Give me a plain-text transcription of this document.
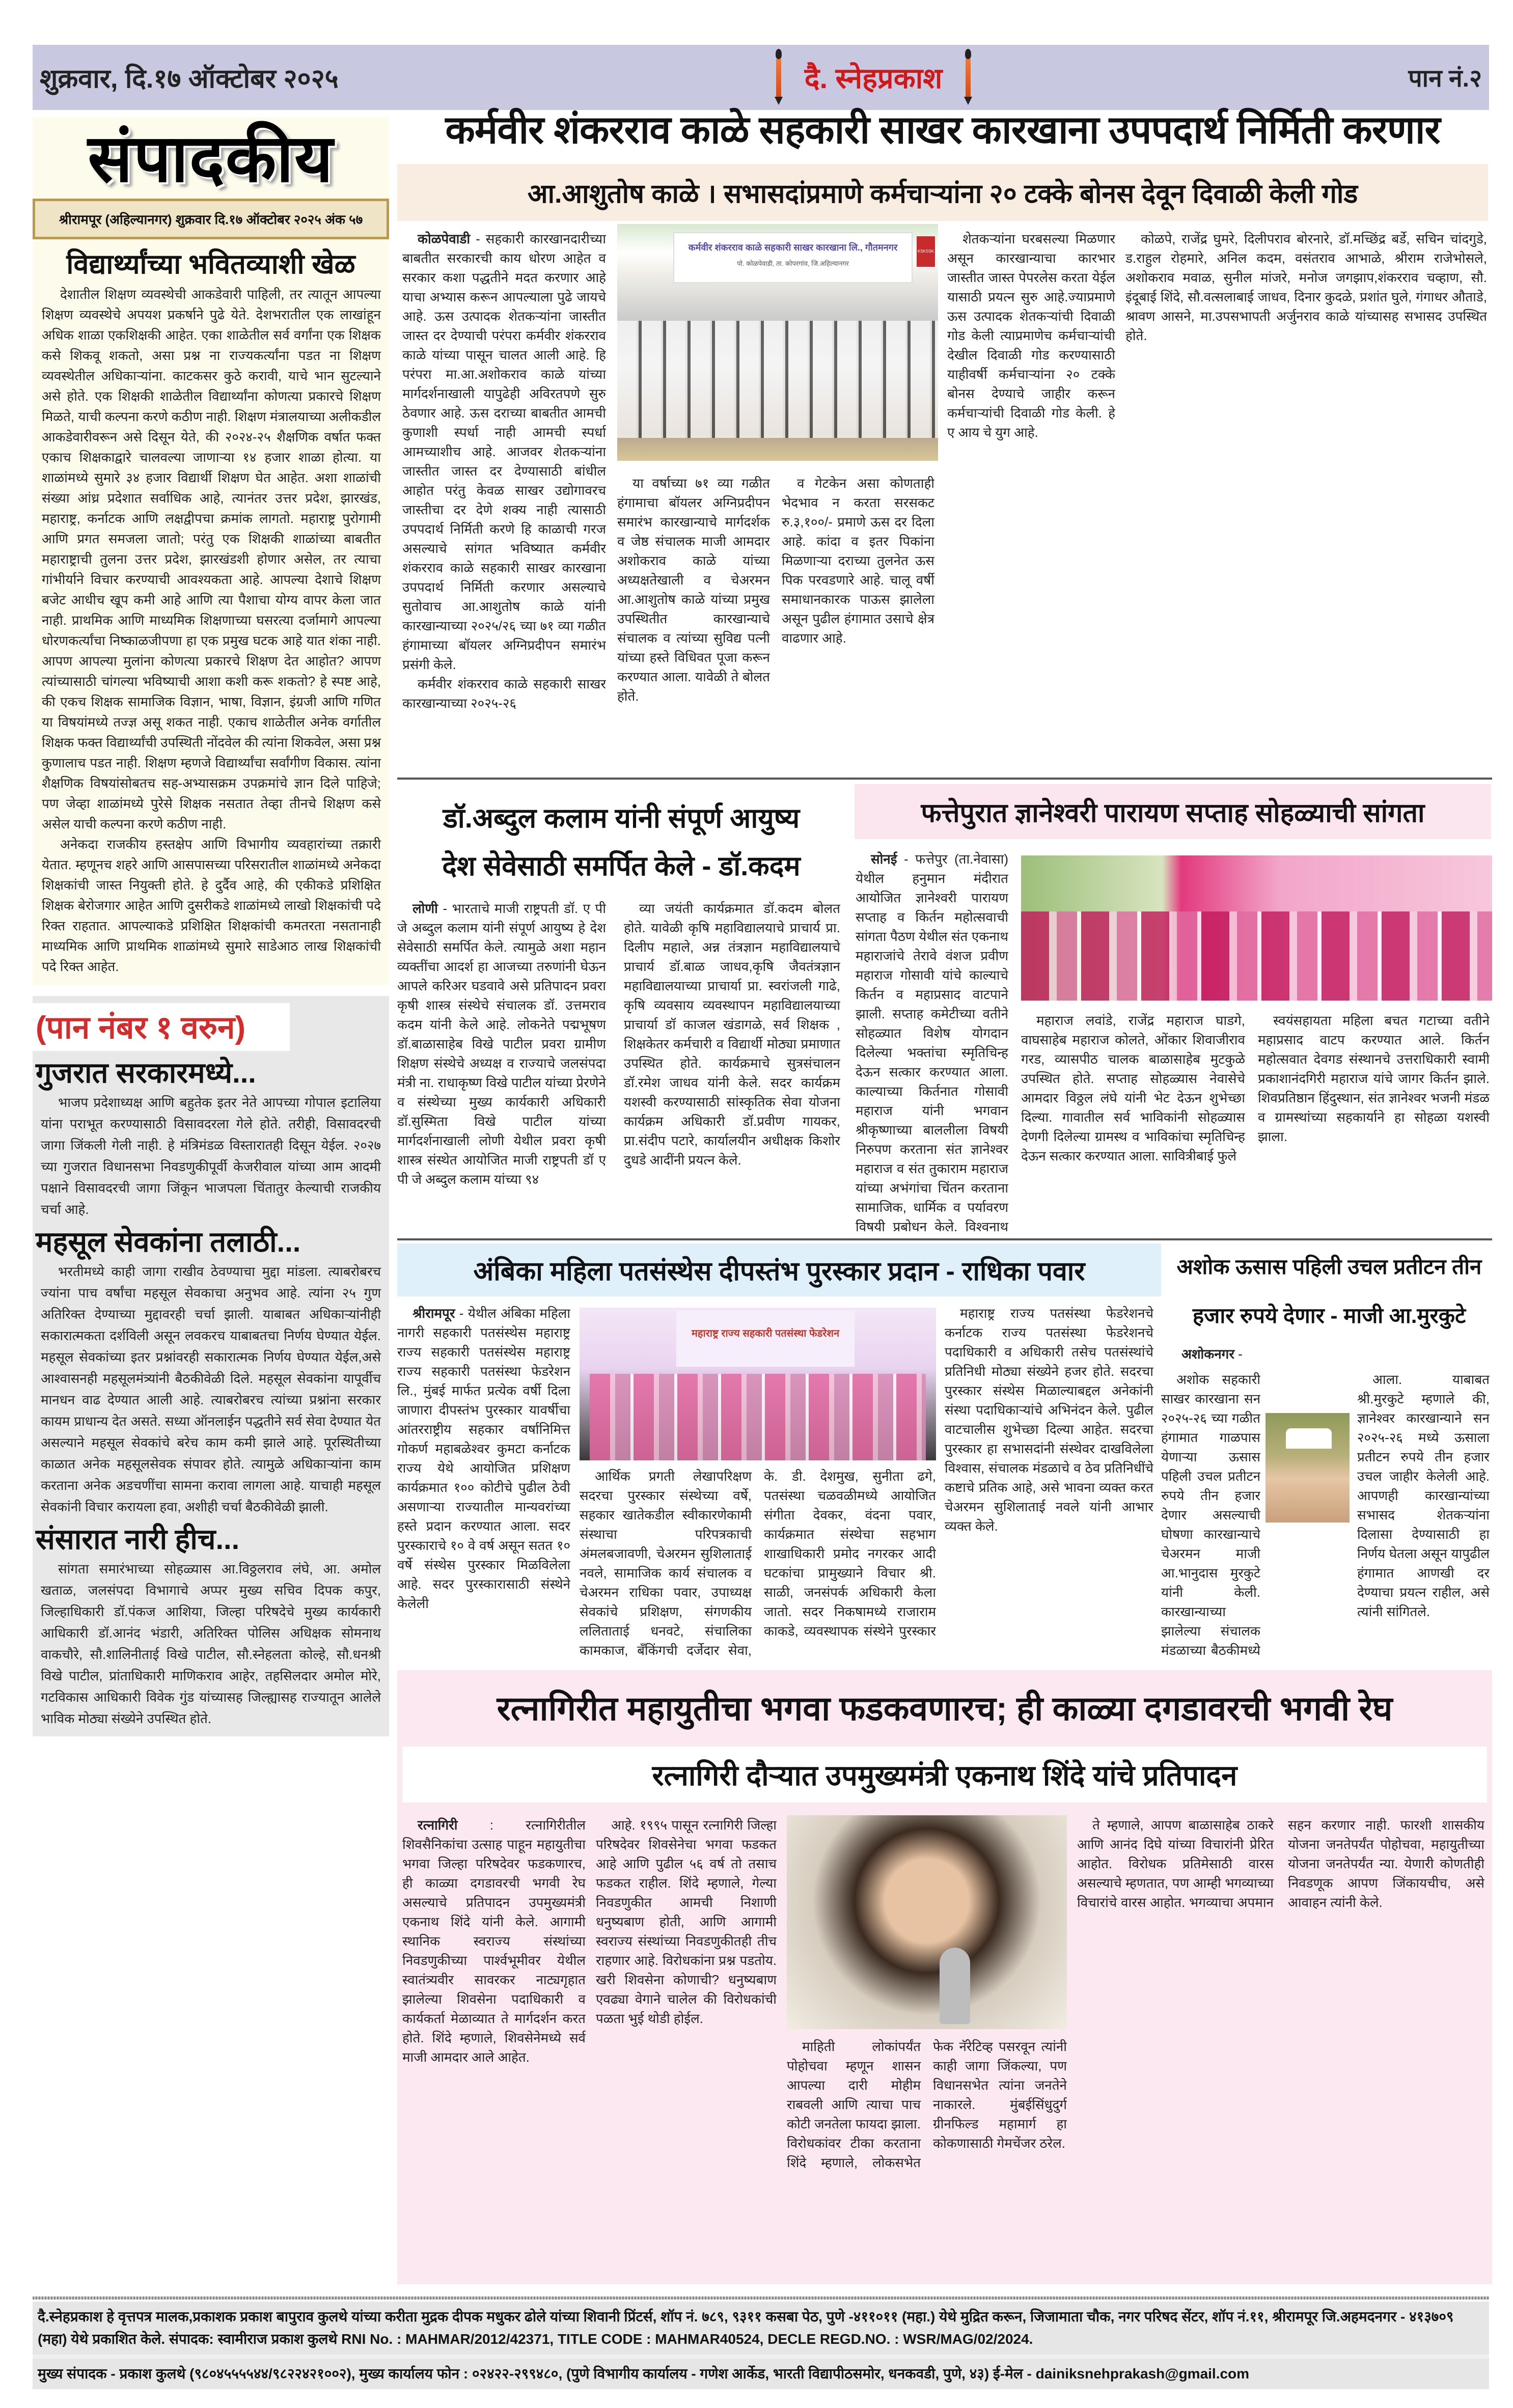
शुक्रवार, दि.१७ ऑक्टोबर २०२५	दै. स्नेहप्रकाश	पान नं.२
संपादकीय
श्रीरामपूर (अहिल्यानगर) शुक्रवार दि.१७ ऑक्टोबर २०२५ अंक ५७
विद्यार्थ्यांच्या भवितव्याशी खेळ

देशातील शिक्षण व्यवस्थेची आकडेवारी पाहिली, तर त्यातून आपल्या शिक्षण व्यवस्थेचे अपयश प्रकर्षाने पुढे येते. देशभरातील एक लाखांहून अधिक शाळा एकशिक्षकी आहेत. एका शाळेतील सर्व वर्गांना एक शिक्षक कसे शिकवू शकतो, असा प्रश्न ना राज्यकर्त्यांना पडत ना शिक्षण व्यवस्थेतील अधिकाऱ्यांना. काटकसर कुठे करावी, याचे भान सुटल्याने असे होते. एक शिक्षकी शाळेतील विद्यार्थ्यांना कोणत्या प्रकारचे शिक्षण मिळते, याची कल्पना करणे कठीण नाही. शिक्षण मंत्रालयाच्या अलीकडील आकडेवारीवरून असे दिसून येते, की २०२४-२५ शैक्षणिक वर्षात फक्त एकाच शिक्षकाद्वारे चालवल्या जाणाऱ्या १४ हजार शाळा होत्या. या शाळांमध्ये सुमारे ३४ हजार विद्यार्थी शिक्षण घेत आहेत. अशा शाळांची संख्या आंध्र प्रदेशात सर्वाधिक आहे, त्यानंतर उत्तर प्रदेश, झारखंड, महाराष्ट्र, कर्नाटक आणि लक्षद्वीपचा क्रमांक लागतो. महाराष्ट्र पुरोगामी आणि प्रगत समजला जातो; परंतु एक शिक्षकी शाळांच्या बाबतीत महाराष्ट्राची तुलना उत्तर प्रदेश, झारखंडशी होणार असेल, तर त्याचा गांभीर्याने विचार करण्याची आवश्यकता आहे. आपल्या देशाचे शिक्षण बजेट आधीच खूप कमी आहे आणि त्या पैशाचा योग्य वापर केला जात नाही. प्राथमिक आणि माध्यमिक शिक्षणाच्या घसरत्या दर्जामागे आपल्या धोरणकर्त्यांचा निष्काळजीपणा हा एक प्रमुख घटक आहे यात शंका नाही. आपण आपल्या मुलांना कोणत्या प्रकारचे शिक्षण देत आहोत? आपण त्यांच्यासाठी चांगल्या भविष्याची आशा कशी करू शकतो? हे स्पष्ट आहे, की एकच शिक्षक सामाजिक विज्ञान, भाषा, विज्ञान, इंग्रजी आणि गणित या विषयांमध्ये तज्ज्ञ असू शकत नाही. एकाच शाळेतील अनेक वर्गातील शिक्षक फक्त विद्यार्थ्यांची उपस्थिती नोंदवेल की त्यांना शिकवेल, असा प्रश्न कुणालाच पडत नाही. शिक्षण म्हणजे विद्यार्थ्यांचा सर्वांगीण विकास. त्यांना शैक्षणिक विषयांसोबतच सह-अभ्यासक्रम उपक्रमांचे ज्ञान दिले पाहिजे; पण जेव्हा शाळांमध्ये पुरेसे शिक्षक नसतात तेव्हा तीनचे शिक्षण कसे असेल याची कल्पना करणे कठीण नाही.

अनेकदा राजकीय हस्तक्षेप आणि विभागीय व्यवहारांच्या तक्रारी येतात. म्हणूनच शहरे आणि आसपासच्या परिसरातील शाळांमध्ये अनेकदा शिक्षकांची जास्त नियुक्ती होते. हे दुर्दैव आहे, की एकीकडे प्रशिक्षित शिक्षक बेरोजगार आहेत आणि दुसरीकडे शाळांमध्ये लाखो शिक्षकांची पदे रिक्त राहतात. आपल्याकडे प्रशिक्षित शिक्षकांची कमतरता नसतानाही माध्यमिक आणि प्राथमिक शाळांमध्ये सुमारे साडेआठ लाख शिक्षकांची पदे रिक्त आहेत.

(पान नंबर १ वरुन)
गुजरात सरकारमध्ये...

भाजप प्रदेशाध्यक्ष आणि बहुतेक इतर नेते आपच्या गोपाल इटालिया यांना पराभूत करण्यासाठी विसावदरला गेले होते. तरीही, विसावदरची जागा जिंकली गेली नाही. हे मंत्रिमंडळ विस्तारातही दिसून येईल. २०२७ च्या गुजरात विधानसभा निवडणुकीपूर्वी केजरीवाल यांच्या आम आदमी पक्षाने विसावदरची जागा जिंकून भाजपला चिंतातुर केल्याची राजकीय चर्चा आहे.

महसूल सेवकांना तलाठी...

भरतीमध्ये काही जागा राखीव ठेवण्याचा मुद्दा मांडला. त्याबरोबरच ज्यांना पाच वर्षांचा महसूल सेवकाचा अनुभव आहे. त्यांना २५ गुण अतिरिक्त देण्याच्या मुद्दावरही चर्चा झाली. याबाबत अधिकाऱ्यांनीही सकारात्मकता दर्शविली असून लवकरच याबाबतचा निर्णय घेण्यात येईल. महसूल सेवकांच्या इतर प्रश्नांवरही सकारात्मक निर्णय घेण्यात येईल,असे आश्वासनही महसूलमंत्र्यांनी बैठकीवेळी दिले. महसूल सेवकांना यापूर्वीच मानधन वाढ देण्यात आली आहे. त्याबरोबरच त्यांच्या प्रश्नांना सरकार कायम प्राधान्य देत असते. सध्या ऑनलाईन पद्धतीने सर्व सेवा देण्यात येत असल्याने महसूल सेवकांचे बरेच काम कमी झाले आहे. पूरस्थितीच्या काळात अनेक महसूलसेवक संपावर होते. त्यामुळे अधिकाऱ्यांना काम करताना अनेक अडचणींचा सामना करावा लागला आहे. याचाही महसूल सेवकांनी विचार करायला हवा, अशीही चर्चा बैठकीवेळी झाली.

संसारात नारी हीच...

सांगता समारंभाच्या सोहळ्यास आ.विठ्ठलराव लंघे, आ. अमोल खताळ, जलसंपदा विभागाचे अप्पर मुख्य सचिव दिपक कपुर, जिल्हाधिकारी डॉ.पंकज आशिया, जिल्हा परिषदेचे मुख्य कार्यकारी आधिकारी डॉ.आनंद भंडारी, अतिरिक्त पोलिस अधिक्षक सोमनाथ वाकचौरे, सौ.शालिनीताई विखे पाटील, सौ.स्नेहलता कोल्हे, सौ.धनश्री विखे पाटील, प्रांताधिकारी माणिकराव आहेर, तहसिलदार अमोल मोरे, गटविकास आधिकारी विवेक गुंड यांच्यासह जिल्ह्यासह राज्यातून आलेले भाविक मोठ्या संख्येने उपस्थित होते.

कर्मवीर शंकरराव काळे सहकारी साखर कारखाना उपपदार्थ निर्मिती करणार
आ.आशुतोष काळे । सभासदांप्रमाणे कर्मचाऱ्यांना २० टक्के बोनस देवून दिवाळी केली गोड

कोळपेवाडी - सहकारी कारखानदारीच्या बाबतीत सरकारची काय धोरण आहेत व सरकार कशा पद्धतीने मदत करणार आहे याचा अभ्यास करून आपल्याला पुढे जायचे आहे. ऊस उत्पादक शेतकऱ्यांना जास्तीत जास्त दर देण्याची परंपरा कर्मवीर शंकरराव काळे यांच्या पासून चालत आली आहे. हि परंपरा मा.आ.अशोकराव काळे यांच्या मार्गदर्शनाखाली यापुढेही अविरतपणे सुरु ठेवणार आहे. ऊस दराच्या बाबतीत आमची कुणाशी स्पर्धा नाही आमची स्पर्धा आमच्याशीच आहे. आजवर शेतकऱ्यांना जास्तीत जास्त दर देण्यासाठी बांधील आहोत परंतु केवळ साखर उद्योगावरच जास्तीचा दर देणे शक्य नाही त्यासाठी उपपदार्थ निर्मिती करणे हि काळाची गरज असल्याचे सांगत भविष्यात कर्मवीर शंकरराव काळे सहकारी साखर कारखाना उपपदार्थ निर्मिती करणार असल्याचे सुतोवाच आ.आशुतोष काळे यांनी कारखान्याच्या २०२५/२६ च्या ७१ व्या गळीत हंगामाच्या बॉयलर अग्निप्रदीपन समारंभ प्रसंगी केले.

कर्मवीर शंकरराव काळे सहकारी साखर कारखान्याच्या २०२५-२६

कर्मवीर शंकरराव काळे सहकारी साखर कारखाना लि., गौतमनगर
पो. कोळपेवाडी, ता. कोपरगांव, जि.अहिल्यानगर
KSKSSK

या वर्षाच्या ७१ व्या गळीत हंगामाचा बॉयलर अग्निप्रदीपन समारंभ कारखान्याचे मार्गदर्शक व जेष्ठ संचालक माजी आमदार अशोकराव काळे यांच्या अध्यक्षतेखाली व चेअरमन आ.आशुतोष काळे यांच्या प्रमुख उपस्थितीत कारखान्याचे संचालक व त्यांच्या सुविद्य पत्नी यांच्या हस्ते विधिवत पूजा करून करण्यात आला. यावेळी ते बोलत होते.

व गेटकेन असा कोणताही भेदभाव न करता सरसकट रु.३,१००/- प्रमाणे ऊस दर दिला आहे. कांदा व इतर पिकांना मिळणाऱ्या दराच्या तुलनेत ऊस पिक परवडणारे आहे. चालू वर्षी समाधानकारक पाऊस झालेला असून पुढील हंगामात उसाचे क्षेत्र वाढणार आहे.

शेतकऱ्यांना घरबसल्या मिळणार असून कारखान्याचा कारभार जास्तीत जास्त पेपरलेस करता येईल यासाठी प्रयत्न सुरु आहे.ज्याप्रमाणे ऊस उत्पादक शेतकऱ्यांची दिवाळी गोड केली त्याप्रमाणेच कर्मचाऱ्यांची देखील दिवाळी गोड करण्यासाठी याहीवर्षी कर्मचाऱ्यांना २० टक्के बोनस देण्याचे जाहीर करून कर्मचाऱ्यांची दिवाळी गोड केली. हे ए आय चे युग आहे.

कोळपे, राजेंद्र घुमरे, दिलीपराव बोरनारे, डॉ.मच्छिंद्र बर्डे, सचिन चांदगुडे, ड.राहुल रोहमारे, अनिल कदम, वसंतराव आभाळे, श्रीराम राजेभोसले, अशोकराव मवाळ, सुनील मांजरे, मनोज जगझाप,शंकरराव चव्हाण, सौ. इंदूबाई शिंदे, सौ.वत्सलाबाई जाधव, दिनार कुदळे, प्रशांत घुले, गंगाधर औताडे, श्रावण आसने, मा.उपसभापती अर्जुनराव काळे यांच्यासह सभासद उपस्थित होते.

डॉ.अब्दुल कलाम यांनी संपूर्ण आयुष्य
देश सेवेसाठी समर्पित केले - डॉ.कदम

लोणी - भारताचे माजी राष्ट्रपती डॉ. ए पी जे अब्दुल कलाम यांनी संपूर्ण आयुष्य हे देश सेवेसाठी समर्पित केले. त्यामुळे अशा महान व्यक्तींचा आदर्श हा आजच्या तरुणांनी घेऊन आपले करिअर घडवावे असे प्रतिपादन प्रवरा कृषी शास्त्र संस्थेचे संचालक डॉ. उत्तमराव कदम यांनी केले आहे. लोकनेते पद्मभूषण डॉ.बाळासाहेब विखे पाटील प्रवरा ग्रामीण शिक्षण संस्थेचे अध्यक्ष व राज्याचे जलसंपदा मंत्री ना. राधाकृष्ण विखे पाटील यांच्या प्रेरणेने व संस्थेच्या मुख्य कार्यकारी अधिकारी डॉ.सुस्मिता विखे पाटील यांच्या मार्गदर्शनाखाली लोणी येथील प्रवरा कृषी शास्त्र संस्थेत आयोजित माजी राष्ट्रपती डॉ ए पी जे अब्दुल कलाम यांच्या ९४

व्या जयंती कार्यक्रमात डॉ.कदम बोलत होते. यावेळी कृषि महाविद्यालयाचे प्राचार्य प्रा. दिलीप महाले, अन्न तंत्रज्ञान महाविद्यालयाचे प्राचार्य डॉ.बाळ जाधव,कृषि जैवतंत्रज्ञान महाविद्यालयाच्या प्राचार्या प्रा. स्वरांजली गाढे, कृषि व्यवसाय व्यवस्थापन महाविद्यालयाच्या प्राचार्या डॉ काजल खंडागळे, सर्व शिक्षक , शिक्षकेतर कर्मचारी व विद्यार्थी मोठ्या प्रमाणात उपस्थित होते. कार्यक्रमाचे सुत्रसंचालन डॉ.रमेश जाधव यांनी केले. सदर कार्यक्रम यशस्वी करण्यासाठी सांस्कृतिक सेवा योजना कार्यक्रम अधिकारी डॉ.प्रवीण गायकर, प्रा.संदीप पटारे, कार्यालयीन अधीक्षक किशोर दुधडे आदींनी प्रयत्न केले.

फत्तेपुरात ज्ञानेश्वरी पारायण सप्ताह सोहळ्याची सांगता

सोनई - फत्तेपुर (ता.नेवासा) येथील हनुमान मंदीरात आयोजित ज्ञानेश्वरी पारायण सप्ताह व किर्तन महोत्सवाची सांगता पैठण येथील संत एकनाथ महाराजांचे तेरावे वंशज प्रवीण महाराज गोसावी यांचे काल्याचे किर्तन व महाप्रसाद वाटपाने झाली. सप्ताह कमेटीच्या वतीने सोहळ्यात विशेष योगदान दिलेल्या भक्तांचा स्मृतिचिन्ह देऊन सत्कार करण्यात आला. काल्याच्या किर्तनात गोसावी महाराज यांनी भगवान श्रीकृष्णाच्या बाललीला विषयी निरुपण करताना संत ज्ञानेश्वर महाराज व संत तुकाराम महाराज यांच्या अभंगांचा चिंतन करताना सामाजिक, धार्मिक व पर्यावरण विषयी प्रबोधन केले. विश्वनाथ

महाराज लवांडे, राजेंद्र महाराज घाडगे, वाघसाहेब महाराज कोलते, ओंकार शिवाजीराव गरड, व्यासपीठ चालक बाळासाहेब मुटकुळे उपस्थित होते. सप्ताह सोहळ्यास नेवासेचे आमदार विठ्ठल लंघे यांनी भेट देऊन शुभेच्छा दिल्या. गावातील सर्व भाविकांनी सोहळ्यास देणगी दिलेल्या ग्रामस्थ व भाविकांचा स्मृतिचिन्ह देऊन सत्कार करण्यात आला. सावित्रीबाई फुले

स्वयंसहायता महिला बचत गटाच्या वतीने महाप्रसाद वाटप करण्यात आले. किर्तन महोत्सवात देवगड संस्थानचे उत्तराधिकारी स्वामी प्रकाशानंदगिरी महाराज यांचे जागर किर्तन झाले. शिवप्रतिष्ठान हिंदुस्थान, संत ज्ञानेश्वर भजनी मंडळ व ग्रामस्थांच्या सहकार्याने हा सोहळा यशस्वी झाला.

अंबिका महिला पतसंस्थेस दीपस्तंभ पुरस्कार प्रदान - राधिका पवार

श्रीरामपूर - येथील अंबिका महिला नागरी सहकारी पतसंस्थेस महाराष्ट्र राज्य सहकारी पतसंस्थेस महाराष्ट्र राज्य सहकारी पतसंस्था फेडरेशन लि., मुंबई मार्फत प्रत्येक वर्षी दिला जाणारा दीपस्तंभ पुरस्कार यावर्षीचा आंतरराष्ट्रीय सहकार वर्षानिमित्त गोकर्ण महाबळेश्वर कुमटा कर्नाटक राज्य येथे आयोजित प्रशिक्षण कार्यक्रमात १०० कोटीचे पुढील ठेवी असणाऱ्या राज्यातील मान्यवरांच्या हस्ते प्रदान करण्यात आला. सदर पुरस्काराचे १० वे वर्ष असून सतत १० वर्षे संस्थेस पुरस्कार मिळविलेला आहे. सदर पुरस्कारासाठी संस्थेने केलेली

महाराष्ट्र राज्य सहकारी पतसंस्था फेडरेशन

आर्थिक प्रगती लेखापरिक्षण सदरचा पुरस्कार संस्थेच्या वर्षे, सहकार खातेकडील स्वीकारणेकामी संस्थाचा परिपत्रकाची अंमलबजावणी, चेअरमन सुशिलाताई नवले, सामाजिक कार्य संचालक व चेअरमन राधिका पवार, उपाध्यक्ष सेवकांचे प्रशिक्षण, संगणकीय ललिताताई धनवटे, संचालिका कामकाज, बँकिंगची दर्जेदार सेवा, के. डी. देशमुख, सुनीता ढगे, पतसंस्था चळवळीमध्ये आयोजित संगीता देवकर, वंदना पवार, कार्यक्रमात संस्थेचा सहभाग शाखाधिकारी प्रमोद नगरकर आदी घटकांचा प्रामुख्याने विचार श्री. साळी, जनसंपर्क अधिकारी केला जातो. सदर निकषामध्ये राजाराम काकडे, व्यवस्थापक संस्थेने पुरस्कार

महाराष्ट्र राज्य पतसंस्था फेडरेशनचे कर्नाटक राज्य पतसंस्था फेडरेशनचे पदाधिकारी व अधिकारी तसेच पतसंस्थांचे प्रतिनिधी मोठ्या संख्येने हजर होते. सदरचा पुरस्कार संस्थेस मिळाल्याबद्दल अनेकांनी संस्था पदाधिकाऱ्यांचे अभिनंदन केले. पुढील वाटचालीस शुभेच्छा दिल्या आहेत. सदरचा पुरस्कार हा सभासदांनी संस्थेवर दाखविलेला विश्वास, संचालक मंडळाचे व ठेव प्रतिनिधींचे कष्टाचे प्रतिक आहे, असे भावना व्यक्त करत चेअरमन सुशिलाताई नवले यांनी आभार व्यक्त केले.

अशोक ऊसास पहिली उचल प्रतीटन तीन
हजार रुपये देणार - माजी आ.मुरकुटे

अशोकनगर -

अशोक सहकारी साखर कारखाना सन २०२५-२६ च्या गळीत हंगामात गाळपास येणाऱ्या ऊसास पहिली उचल प्रतीटन रुपये तीन हजार देणार असल्याची घोषणा कारखान्याचे चेअरमन माजी आ.भानुदास मुरकुटे यांनी केली. कारखान्याच्या झालेल्या संचालक मंडळाच्या बैठकीमध्ये

आला. याबाबत श्री.मुरकुटे म्हणाले की, ज्ञानेश्वर कारखान्याने सन २०२५-२६ मध्ये ऊसाला प्रतीटन रुपये तीन हजार उचल जाहीर केलेली आहे. आपणही कारखान्यांच्या सभासद शेतकऱ्यांना दिलासा देण्यासाठी हा निर्णय घेतला असून यापुढील हंगामात आणखी दर देण्याचा प्रयत्न राहील, असे त्यांनी सांगितले.

रत्नागिरीत महायुतीचा भगवा फडकवणारच; ही काळ्या दगडावरची भगवी रेघ
रत्नागिरी दौऱ्यात उपमुख्यमंत्री एकनाथ शिंदे यांचे प्रतिपादन

रत्नागिरी : रत्नागिरीतील शिवसैनिकांचा उत्साह पाहून महायुतीचा भगवा जिल्हा परिषदेवर फडकणारच, ही काळ्या दगडावरची भगवी रेघ असल्याचे प्रतिपादन उपमुख्यमंत्री एकनाथ शिंदे यांनी केले. आगामी स्थानिक स्वराज्य संस्थांच्या निवडणुकीच्या पार्श्वभूमीवर येथील स्वातंत्र्यवीर सावरकर नाट्यगृहात झालेल्या शिवसेना पदाधिकारी व कार्यकर्ता मेळाव्यात ते मार्गदर्शन करत होते. शिंदे म्हणाले, शिवसेनेमध्ये सर्व माजी आमदार आले आहेत.

आहे. १९९५ पासून रत्नागिरी जिल्हा परिषदेवर शिवसेनेचा भगवा फडकत आहे आणि पुढील ५६ वर्ष तो तसाच फडकत राहील. शिंदे म्हणाले, गेल्या निवडणुकीत आमची निशाणी धनुष्यबाण होती, आणि आगामी स्वराज्य संस्थांच्या निवडणुकीतही तीच राहणार आहे. विरोधकांना प्रश्न पडतोय. खरी शिवसेना कोणाची? धनुष्यबाण एवढ्या वेगाने चालेल की विरोधकांची पळता भुई थोडी होईल.

माहिती लोकांपर्यंत पोहोचवा म्हणून शासन आपल्या दारी मोहीम राबवली आणि त्याचा पाच कोटी जनतेला फायदा झाला. विरोधकांवर टीका करताना शिंदे म्हणाले, लोकसभेत फेक नॅरेटिव्ह पसरवून त्यांनी काही जागा जिंकल्या, पण विधानसभेत त्यांना जनतेने नाकारले. मुंबईसिंधुदुर्ग ग्रीनफिल्ड महामार्ग हा कोकणासाठी गेमचेंजर ठरेल.

ते म्हणाले, आपण बाळासाहेब ठाकरे आणि आनंद दिघे यांच्या विचारांनी प्रेरित आहोत. विरोधक प्रतिमेसाठी वारस असल्याचे म्हणतात, पण आम्ही भगव्याच्या विचारांचे वारस आहोत. भगव्याचा अपमान सहन करणार नाही. फारशी शासकीय योजना जनतेपर्यंत पोहोचवा, महायुतीच्या योजना जनतेपर्यंत न्या. येणारी कोणतीही निवडणूक आपण जिंकायचीच, असे आवाहन त्यांनी केले.

दै.स्नेहप्रकाश हे वृत्तपत्र मालक,प्रकाशक प्रकाश बापुराव कुलथे यांच्या करीता मुद्रक दीपक मधुकर ढोले यांच्या शिवानी प्रिंटर्स, शॉप नं. ७८९, ९३११ कसबा पेठ, पुणे -४११०११ (महा.) येथे मुद्रित करून, जिजामाता चौक, नगर परिषद सेंटर, शॉप नं.११, श्रीरामपूर जि.अहमदनगर - ४१३७०९ (महा) येथे प्रकाशित केले. संपादक: स्वामीराज प्रकाश कुलथे RNI No. : MAHMAR/2012/42371, TITLE CODE : MAHMAR40524, DECLE REGD.NO. : WSR/MAG/02/2024.
मुख्य संपादक - प्रकाश कुलथे (९८०४५५५५४४/९८२२४२१००२), मुख्य कार्यालय फोन : ०२४२२-२९९४८०, (पुणे विभागीय कार्यालय - गणेश आर्केड, भारती विद्यापीठसमोर, धनकवडी, पुणे, ४३) ई-मेल - dainiksnehprakash@gmail.com
